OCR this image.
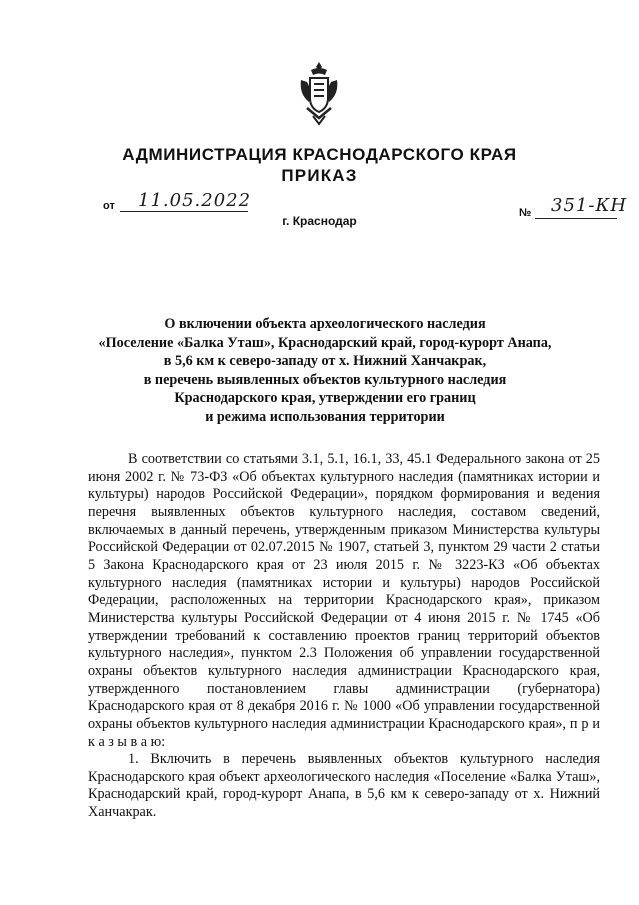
АДМИНИСТРАЦИЯ КРАСНОДАРСКОГО КРАЯ
ПРИКАЗ
от 11.05.2022
№ 351-КН
г. Краснодар
О включении объекта археологического наследия
«Поселение «Балка Уташ», Краснодарский край, город-курорт Анапа,
в 5,6 км к северо-западу от х. Нижний Ханчакрак,
в перечень выявленных объектов культурного наследия
Краснодарского края, утверждении его границ
и режима использования территории

В соответствии со статьями 3.1, 5.1, 16.1, 33, 45.1 Федерального закона от 25 июня 2002 г. № 73-ФЗ «Об объектах культурного наследия (памятниках истории и культуры) народов Российской Федерации», порядком формирования и ведения перечня выявленных объектов культурного наследия, составом сведений, включаемых в данный перечень, утвержденным приказом Министерства культуры Российской Федерации от 02.07.2015 № 1907, статьей 3, пунктом 29 части 2 статьи 5 Закона Краснодарского края от 23 июля 2015 г. № 3223-КЗ «Об объектах культурного наследия (памятниках истории и культуры) народов Российской Федерации, расположенных на территории Краснодарского края», приказом Министерства культуры Российской Федерации от 4 июня 2015 г. № 1745 «Об утверждении требований к составлению проектов границ территорий объектов культурного наследия», пунктом 2.3 Положения об управлении государственной охраны объектов культурного наследия администрации Краснодарского края, утвержденного постановлением главы администрации (губернатора) Краснодарского края от 8 декабря 2016 г. № 1000 «Об управлении государственной охраны объектов культурного наследия администрации Краснодарского края», п р и к а з ы в а ю:

1. Включить в перечень выявленных объектов культурного наследия Краснодарского края объект археологического наследия «Поселение «Балка Уташ», Краснодарский край, город-курорт Анапа, в 5,6 км к северо-западу от х. Нижний Ханчакрак.
